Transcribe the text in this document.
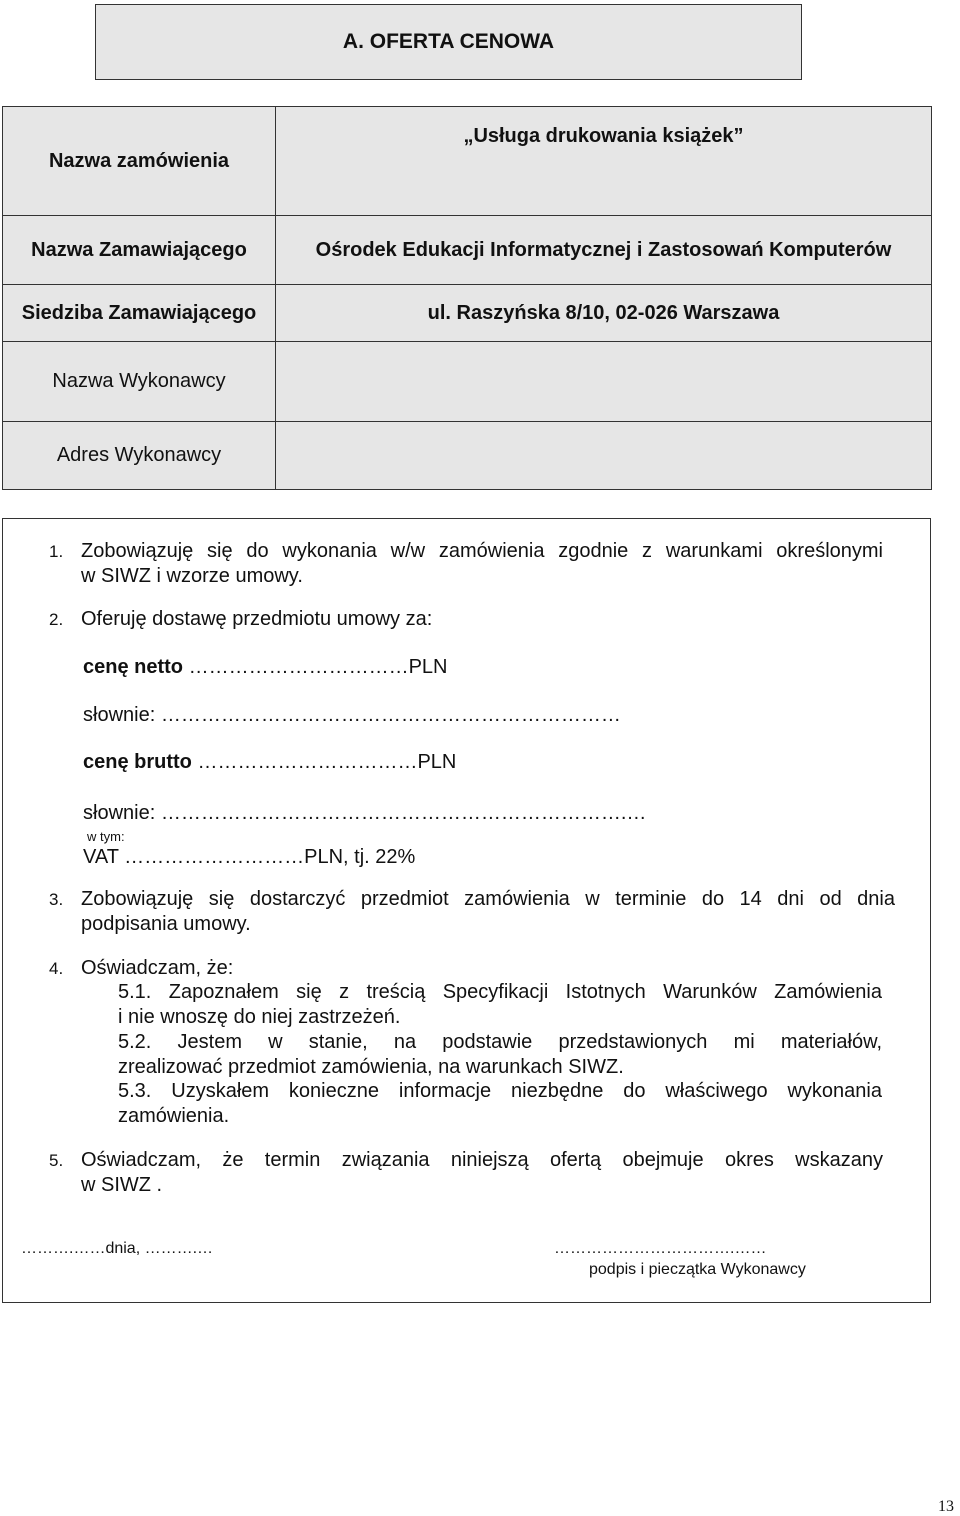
A. OFERTA CENOWA
Nazwa zamówienia	„Usługa drukowania książek”
Nazwa Zamawiającego	Ośrodek Edukacji Informatycznej i Zastosowań Komputerów
Siedziba Zamawiającego	ul. Raszyńska 8/10, 02-026 Warszawa
Nazwa Wykonawcy	
Adres Wykonawcy	
1. Zobowiązuję się do wykonania w/w zamówienia zgodnie z warunkami określonymi
w SIWZ i wzorze umowy.
2. Oferuję dostawę przedmiotu umowy za:
cenę netto ……………………………PLN
słownie: ……………………………………………………………
cenę brutto ……………………………PLN
słownie: …………………………………………………………….…
w tym:
VAT ………………………PLN, tj. 22%
3. Zobowiązuję się dostarczyć przedmiot zamówienia w terminie do 14 dni od dnia
podpisania umowy.
4. Oświadczam, że:
5.1. Zapoznałem się z treścią Specyfikacji Istotnych Warunków Zamówienia
i nie wnoszę do niej zastrzeżeń.
5.2. Jestem w stanie, na podstawie przedstawionych mi materiałów,
zrealizować przedmiot zamówienia, na warunkach SIWZ.
5.3. Uzyskałem konieczne informacje niezbędne do właściwego wykonania
zamówienia.
5. Oświadczam, że termin związania niniejszą ofertą obejmuje okres wskazany
w SIWZ .
……….……dnia, ……….…	…………………………….……
podpis i pieczątka Wykonawcy
13
